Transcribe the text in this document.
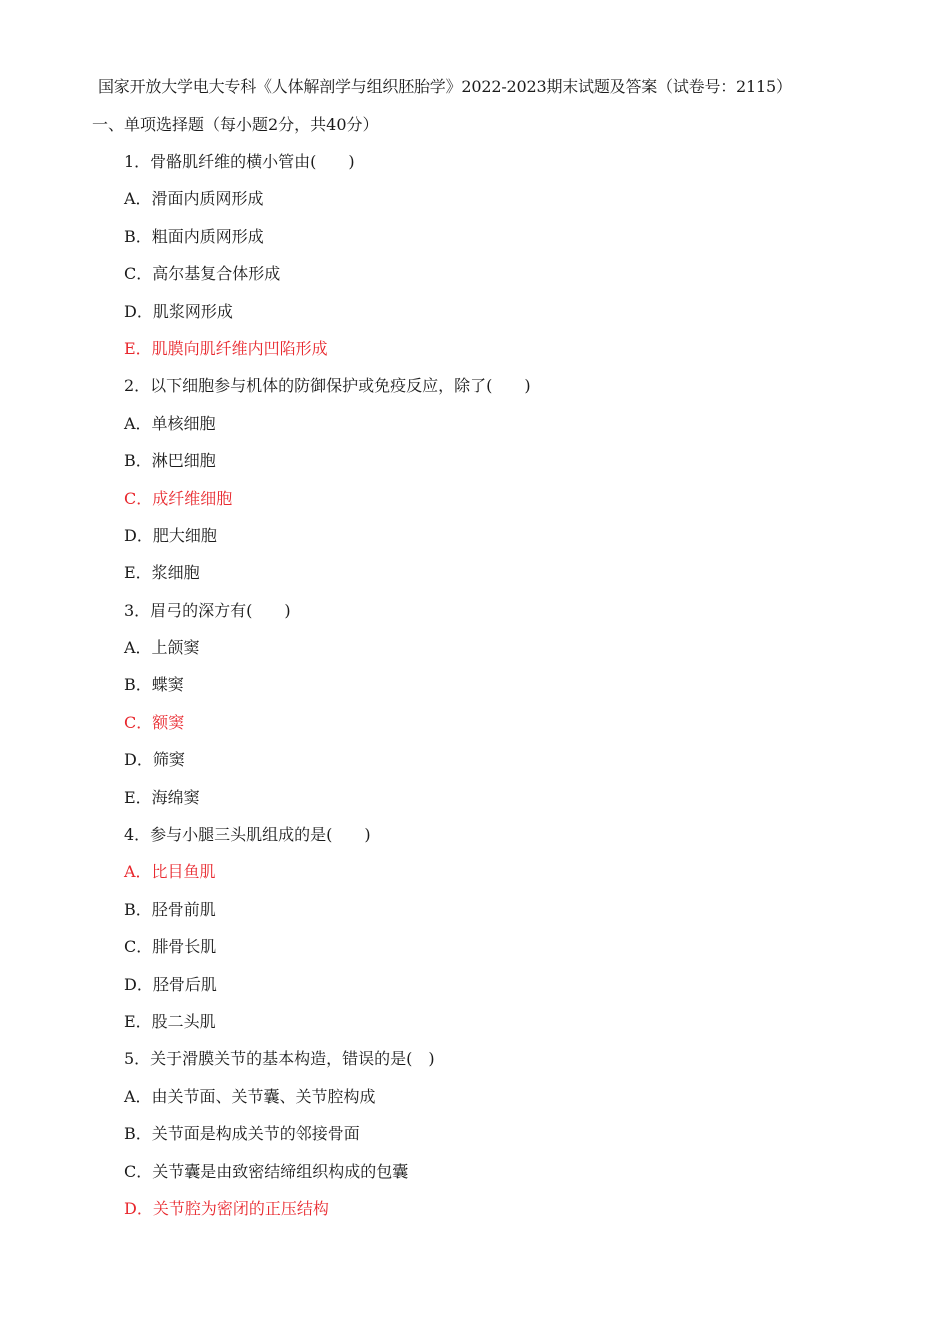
国家开放大学电大专科《人体解剖学与组织胚胎学》2022-2023期末试题及答案（试卷号：2115）
一、单项选择题（每小题2分，共40分）
1．骨骼肌纤维的横小管由(　　)
A．滑面内质网形成
B．粗面内质网形成
C．高尔基复合体形成
D．肌浆网形成
E．肌膜向肌纤维内凹陷形成
2．以下细胞参与机体的防御保护或免疫反应，除了(　　)
A．单核细胞
B．淋巴细胞
C．成纤维细胞
D．肥大细胞
E．浆细胞
3．眉弓的深方有(　　)
A．上颌窦
B．蝶窦
C．额窦
D．筛窦
E．海绵窦
4．参与小腿三头肌组成的是(　　)
A．比目鱼肌
B．胫骨前肌
C．腓骨长肌
D．胫骨后肌
E．股二头肌
5．关于滑膜关节的基本构造，错误的是(　)
A．由关节面、关节囊、关节腔构成
B．关节面是构成关节的邻接骨面
C．关节囊是由致密结缔组织构成的包囊
D．关节腔为密闭的正压结构
